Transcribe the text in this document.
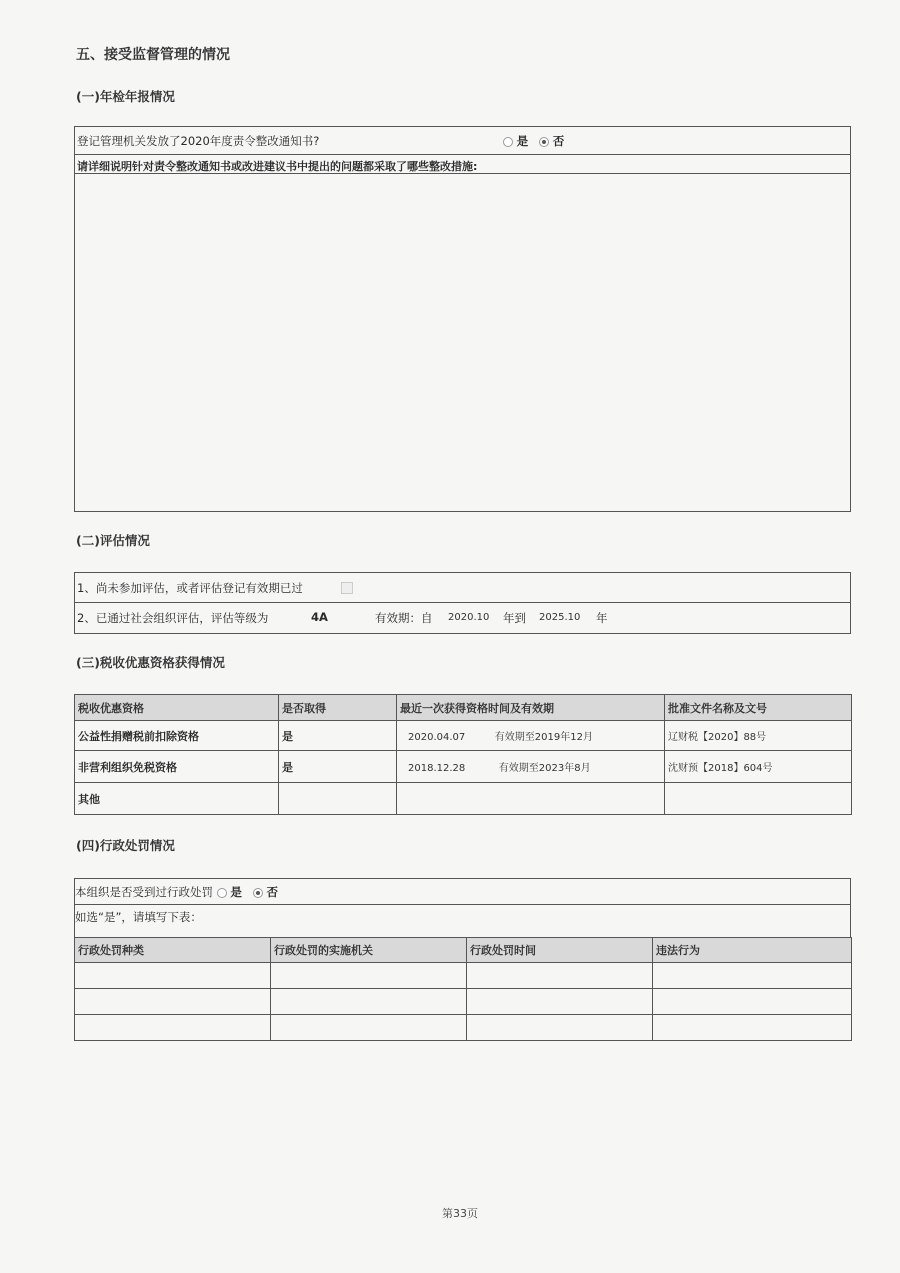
五、接受监督管理的情况
(一)年检年报情况
登记管理机关发放了2020年度责令整改通知书?	是 否
请详细说明针对责令整改通知书或改进建议书中提出的问题都采取了哪些整改措施:
(二)评估情况
1、尚未参加评估，或者评估登记有效期已过
2、已通过社会组织评估，评估等级为	4A	有效期：自 2020.10 年到 2025.10 年
(三)税收优惠资格获得情况
税收优惠资格	是否取得	最近一次获得资格时间及有效期	批准文件名称及文号
公益性捐赠税前扣除资格	是	2020.04.07 有效期至2019年12月	辽财税【2020】88号
非营利组织免税资格	是	2018.12.28 有效期至2023年8月	沈财预【2018】604号
其他			
(四)行政处罚情况
本组织是否受到过行政处罚 是 否
如选“是”，请填写下表：
行政处罚种类	行政处罚的实施机关	行政处罚时间	违法行为

第33页
